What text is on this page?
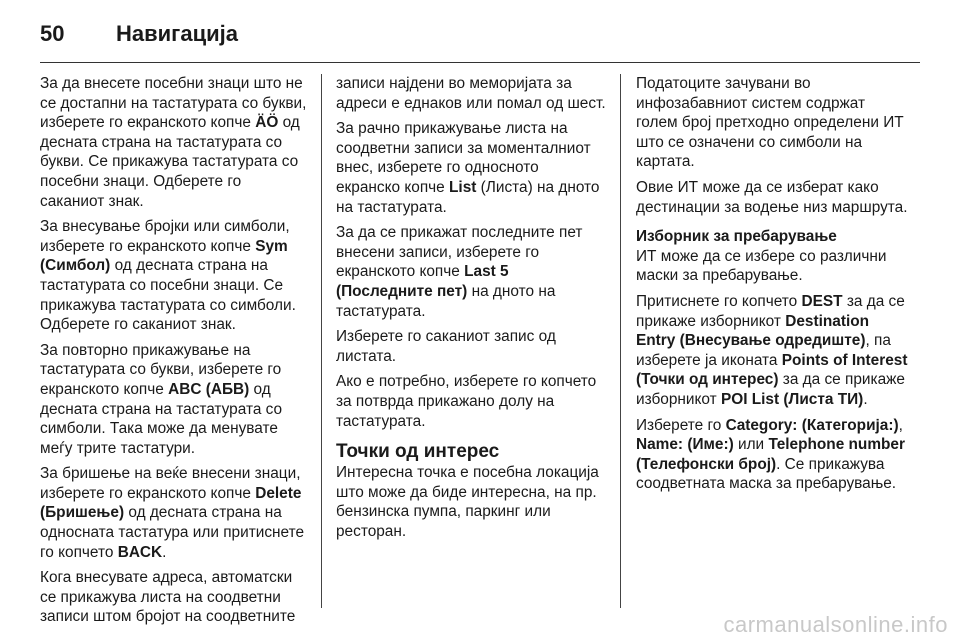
50	Навигација

За да внесете посебни знаци што не се достапни на тастатурата со букви, изберете го екранското копче ÄÖ од десната страна на тастатурата со букви. Се прикажува тастатурата со посебни знаци. Одберете го саканиот знак.

За внесување бројки или симболи, изберете го екранското копче Sym (Симбол) од десната страна на тастатурата со посебни знаци. Се прикажува тастатурата со симболи. Одберете го саканиот знак.

За повторно прикажување на тастатурата со букви, изберете го екранското копче ABC (АБВ) од десната страна на тастатурата со симболи. Така може да менувате меѓу трите тастатури.

За бришење на веќе внесени знаци, изберете го екранското копче Delete (Бришење) од десната страна на односната тастатура или притиснете го копчето BACK.

Кога внесувате адреса, автоматски се прикажува листа на соодветни записи штом бројот на соодветните

записи најдени во меморијата за адреси е еднаков или помал од шест.

За рачно прикажување листа на соодветни записи за моменталниот внес, изберете го односното екранско копче List (Листа) на дното на тастатурата.

За да се прикажат последните пет внесени записи, изберете го екранското копче Last 5 (Последните пет) на дното на тастатурата.

Изберете го саканиот запис од листата.

Ако е потребно, изберете го копчето за потврда прикажано долу на тастатурата.

Точки од интерес

Интересна точка е посебна локација што може да биде интересна, на пр. бензинска пумпа, паркинг или ресторан.

Податоците зачувани во инфозабавниот систем содржат голем број претходно определени ИТ што се означени со симболи на картата.

Овие ИТ може да се изберат како дестинации за водење низ маршрута.

Изборник за пребарување

ИТ може да се избере со различни маски за пребарување.

Притиснете го копчето DEST за да се прикаже изборникот Destination Entry (Внесување одредиште), па изберете ја иконата Points of Interest (Точки од интерес) за да се прикаже изборникот POI List (Листа ТИ).

Изберете го Category: (Категорија:), Name: (Име:) или Telephone number (Телефонски број). Се прикажува соодветната маска за пребарување.

carmanualsonline.info
